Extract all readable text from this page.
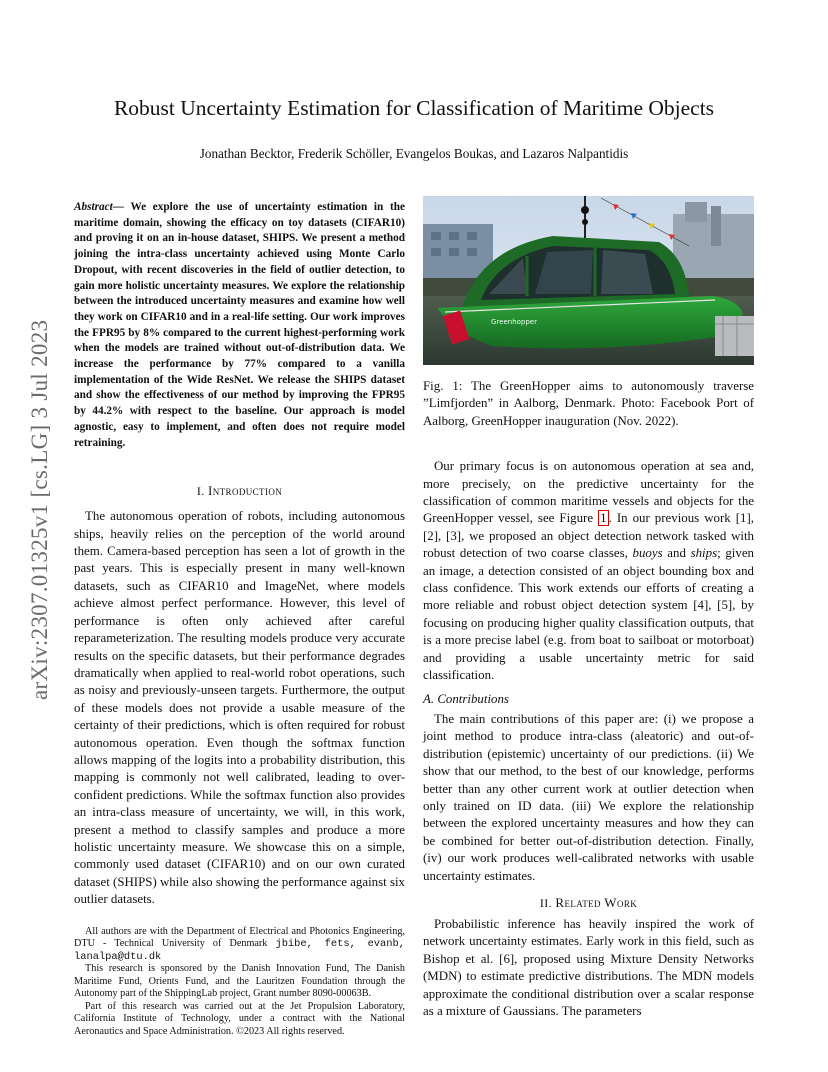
Robust Uncertainty Estimation for Classification of Maritime Objects
Jonathan Becktor, Frederik Schöller, Evangelos Boukas, and Lazaros Nalpantidis
arXiv:2307.01325v1 [cs.LG] 3 Jul 2023

Abstract— We explore the use of uncertainty estimation in the maritime domain, showing the efficacy on toy datasets (CIFAR10) and proving it on an in-house dataset, SHIPS. We present a method joining the intra-class uncertainty achieved using Monte Carlo Dropout, with recent discoveries in the field of outlier detection, to gain more holistic uncertainty measures. We explore the relationship between the introduced uncertainty measures and examine how well they work on CIFAR10 and in a real-life setting. Our work improves the FPR95 by 8% compared to the current highest-performing work when the models are trained without out-of-distribution data. We increase the performance by 77% compared to a vanilla implementation of the Wide ResNet. We release the SHIPS dataset and show the effectiveness of our method by improving the FPR95 by 44.2% with respect to the baseline. Our approach is model agnostic, easy to implement, and often does not require model retraining.

I. Introduction

The autonomous operation of robots, including autonomous ships, heavily relies on the perception of the world around them. Camera-based perception has seen a lot of growth in the past years. This is especially present in many well-known datasets, such as CIFAR10 and ImageNet, where models achieve almost perfect performance. However, this level of performance is often only achieved after careful reparameterization. The resulting models produce very accurate results on the specific datasets, but their performance degrades dramatically when applied to real-world robot operations, such as noisy and previously-unseen targets. Furthermore, the output of these models does not provide a usable measure of the certainty of their predictions, which is often required for robust autonomous operation. Even though the softmax function allows mapping of the logits into a probability distribution, this mapping is commonly not well calibrated, leading to over-confident predictions. While the softmax function also provides an intra-class measure of uncertainty, we will, in this work, present a method to classify samples and produce a more holistic uncertainty measure. We showcase this on a simple, commonly used dataset (CIFAR10) and on our own curated dataset (SHIPS) while also showing the performance against six outlier datasets.

All authors are with the Department of Electrical and Photonics Engineering, DTU - Technical University of Denmark jbibe, fets, evanb, lanalpa@dtu.dk

This research is sponsored by the Danish Innovation Fund, The Danish Maritime Fund, Orients Fund, and the Lauritzen Foundation through the Autonomy part of the ShippingLab project, Grant number 8090-00063B.

Part of this research was carried out at the Jet Propulsion Laboratory, California Institute of Technology, under a contract with the National Aeronautics and Space Administration. ©2023 All rights reserved.

Greenhopper

Fig. 1: The GreenHopper aims to autonomously traverse ”Limfjorden” in Aalborg, Denmark. Photo: Facebook Port of Aalborg, GreenHopper inauguration (Nov. 2022).

Our primary focus is on autonomous operation at sea and, more precisely, on the predictive uncertainty for the classification of common maritime vessels and objects for the GreenHopper vessel, see Figure 1 . In our previous work [1], [2], [3], we proposed an object detection network tasked with robust detection of two coarse classes, buoys and ships; given an image, a detection consisted of an object bounding box and class confidence. This work extends our efforts of creating a more reliable and robust object detection system [4], [5], by focusing on producing higher quality classification outputs, that is a more precise label (e.g. from boat to sailboat or motorboat) and providing a usable uncertainty metric for said classification.

A. Contributions

The main contributions of this paper are: (i) we propose a joint method to produce intra-class (aleatoric) and out-of-distribution (epistemic) uncertainty of our predictions. (ii) We show that our method, to the best of our knowledge, performs better than any other current work at outlier detection when only trained on ID data. (iii) We explore the relationship between the explored uncertainty measures and how they can be combined for better out-of-distribution detection. Finally, (iv) our work produces well-calibrated networks with usable uncertainty estimates.

II. Related Work

Probabilistic inference has heavily inspired the work of network uncertainty estimates. Early work in this field, such as Bishop et al. [6], proposed using Mixture Density Networks (MDN) to estimate predictive distributions. The MDN models approximate the conditional distribution over a scalar response as a mixture of Gaussians. The parameters
